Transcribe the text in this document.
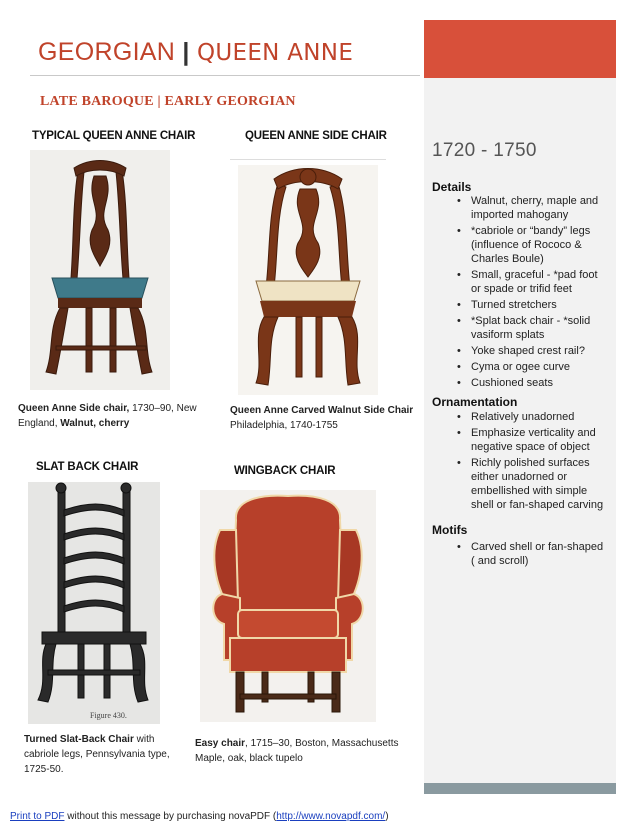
GEORGIAN | QUEEN ANNE
LATE BAROQUE | EARLY GEORGIAN
1720 - 1750
Details
• Walnut, cherry, maple and imported mahogany
• *cabriole or “bandy” legs (influence of Rococo & Charles Boule)
• Small, graceful - *pad foot or spade or trifid feet
• Turned stretchers
• *Splat back chair - *solid vasiform splats
• Yoke shaped crest rail?
• Cyma or ogee curve
• Cushioned seats
Ornamentation
• Relatively unadorned
• Emphasize verticality and negative space of object
• Richly polished surfaces either unadorned or embellished with simple shell or fan-shaped carving
Motifs
• Carved shell or fan-shaped ( and scroll)
TYPICAL QUEEN ANNE CHAIR
Queen Anne Side chair, 1730–90, New England, Walnut, cherry
QUEEN ANNE SIDE CHAIR
Queen Anne Carved Walnut Side Chair
Philadelphia, 1740-1755
SLAT BACK CHAIR
Figure 430.
Turned Slat-Back Chair with cabriole legs, Pennsylvania type, 1725-50.
WINGBACK CHAIR
Easy chair, 1715–30, Boston, Massachusetts
Maple, oak, black tupelo
Print to PDF without this message by purchasing novaPDF (http://www.novapdf.com/)
